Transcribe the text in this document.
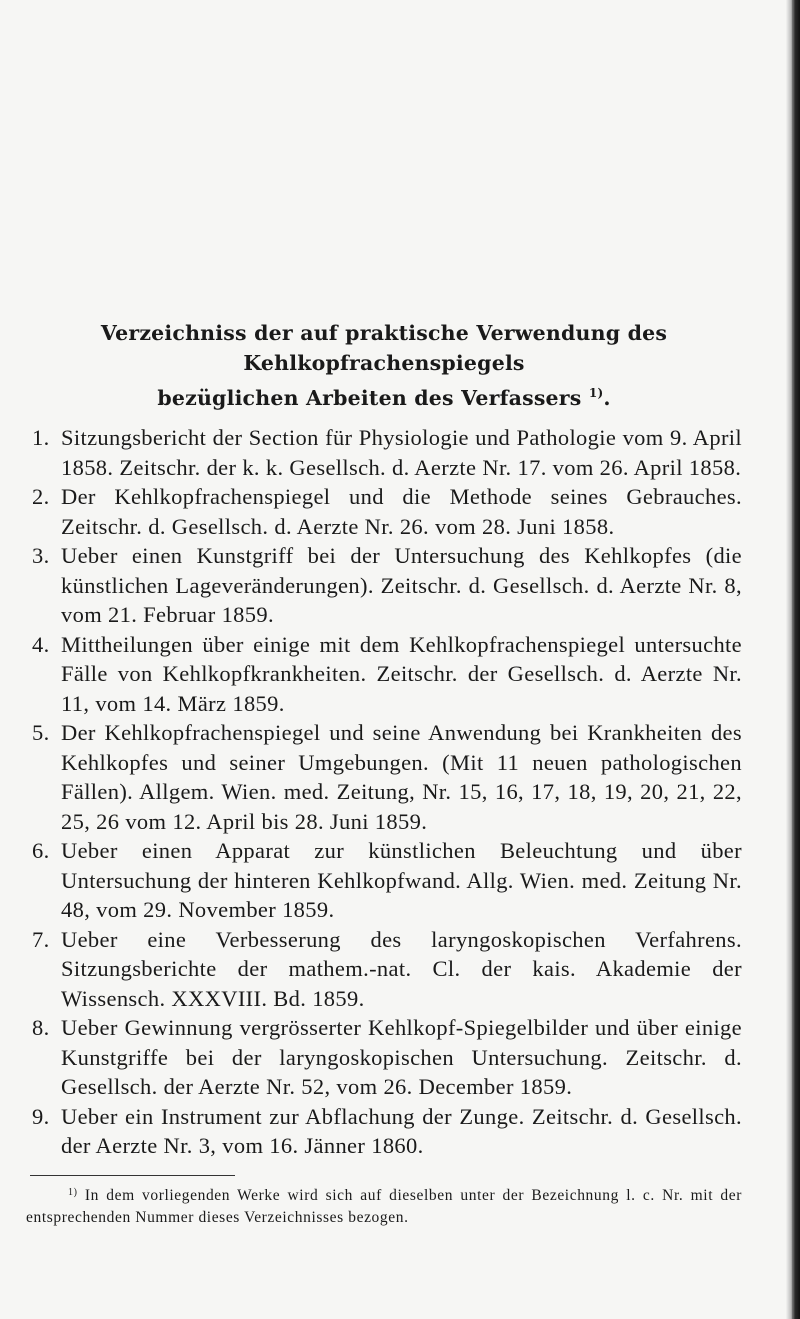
Verzeichniss der auf praktische Verwendung des Kehlkopfrachenspiegels
bezüglichen Arbeiten des Verfassers $^{1)}$.
1. Sitzungsbericht der Section für Physiologie und Pathologie vom 9. April 1858. Zeitschr. der k. k. Gesellsch. d. Aerzte Nr. 17. vom 26. April 1858.
2. Der Kehlkopfrachenspiegel und die Methode seines Gebrauches. Zeitschr. d. Gesellsch. d. Aerzte Nr. 26. vom 28. Juni 1858.
3. Ueber einen Kunstgriff bei der Untersuchung des Kehlkopfes (die künstlichen Lageveränderungen). Zeitschr. d. Gesellsch. d. Aerzte Nr. 8, vom 21. Februar 1859.
4. Mittheilungen über einige mit dem Kehlkopfrachenspiegel untersuchte Fälle von Kehlkopfkrankheiten. Zeitschr. der Gesellsch. d. Aerzte Nr. 11, vom 14. März 1859.
5. Der Kehlkopfrachenspiegel und seine Anwendung bei Krankheiten des Kehlkopfes und seiner Umgebungen. (Mit 11 neuen pathologischen Fällen). Allgem. Wien. med. Zeitung, Nr. 15, 16, 17, 18, 19, 20, 21, 22, 25, 26 vom 12. April bis 28. Juni 1859.
6. Ueber einen Apparat zur künstlichen Beleuchtung und über Untersuchung der hinteren Kehlkopfwand. Allg. Wien. med. Zeitung Nr. 48, vom 29. November 1859.
7. Ueber eine Verbesserung des laryngoskopischen Verfahrens. Sitzungsberichte der mathem.-nat. Cl. der kais. Akademie der Wissensch. XXXVIII. Bd. 1859.
8. Ueber Gewinnung vergrösserter Kehlkopf-Spiegelbilder und über einige Kunstgriffe bei der laryngoskopischen Untersuchung. Zeitschr. d. Gesellsch. der Aerzte Nr. 52, vom 26. December 1859.
9. Ueber ein Instrument zur Abflachung der Zunge. Zeitschr. d. Gesellsch. der Aerzte Nr. 3, vom 16. Jänner 1860.

$^{1)}$ In dem vorliegenden Werke wird sich auf dieselben unter der Bezeichnung l. c. Nr. mit der entsprechenden Nummer dieses Verzeichnisses bezogen.
